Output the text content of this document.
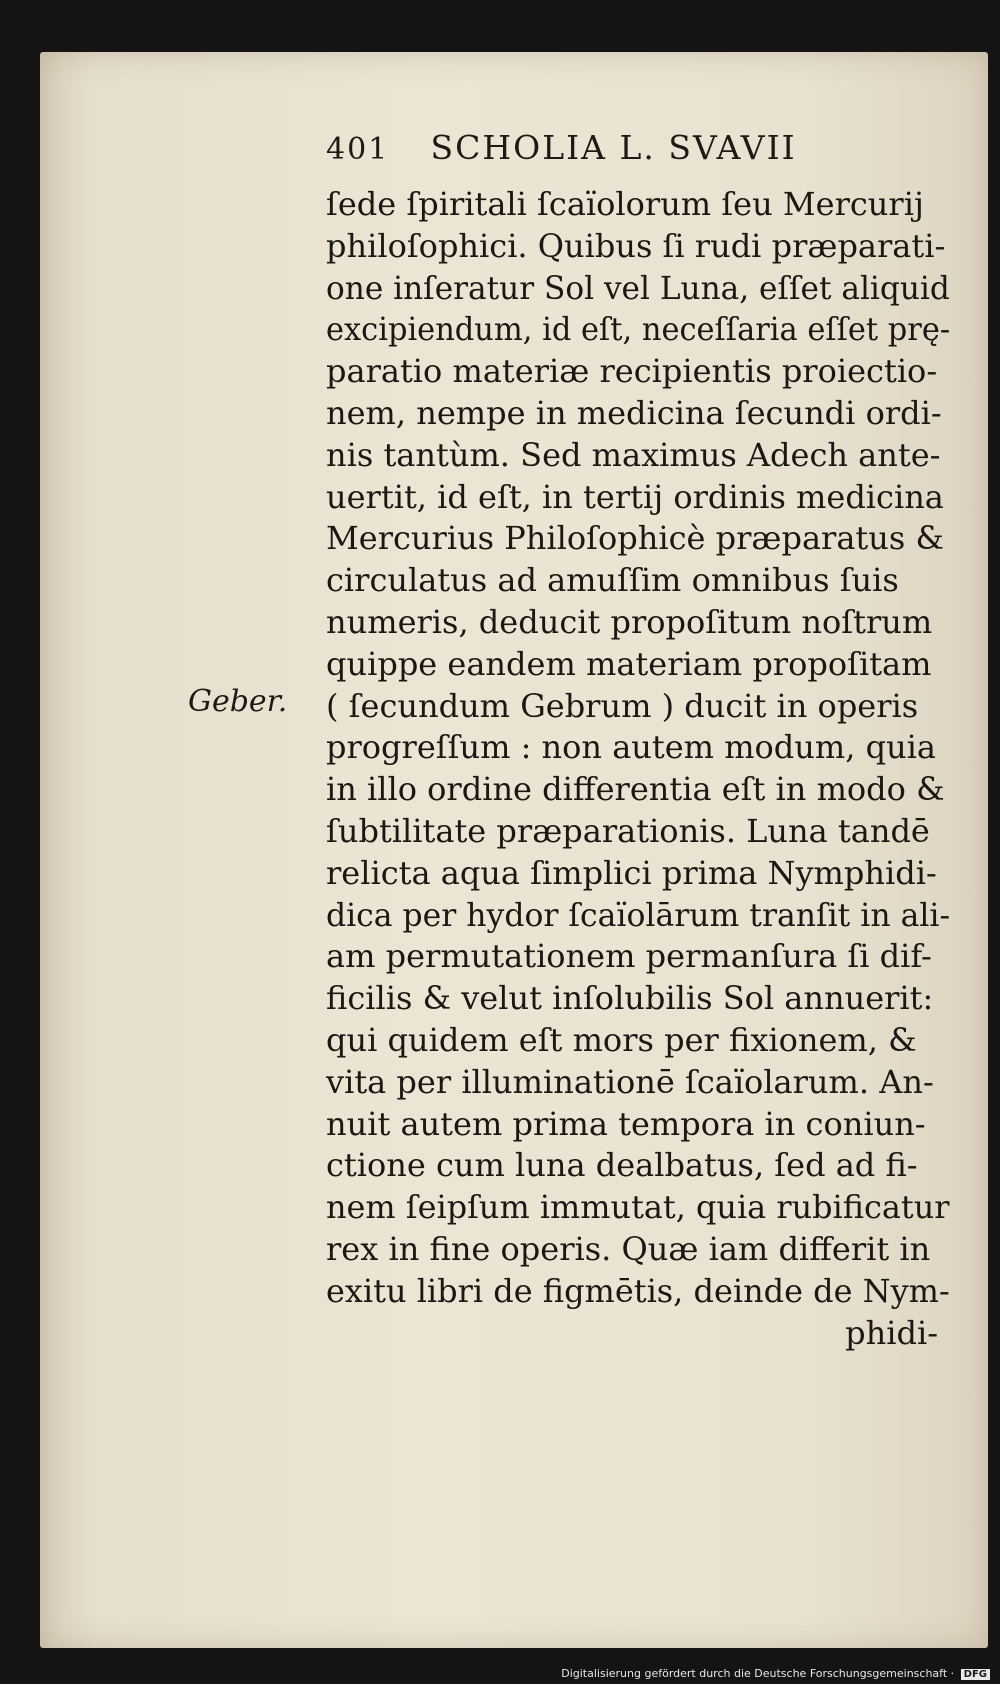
401 SCHOLIA L. SVAVII
Geber.
ſede ſpiritali ſcaïolorum ſeu Mercurij
philoſophici. Quibus ſi rudi præparati-
one inſeratur Sol vel Luna, eſſet aliquid
excipiendum, id eſt, neceſſaria eſſet prę-
paratio materiæ recipientis proiectio-
nem, nempe in medicina ſecundi ordi-
nis tantùm. Sed maximus Adech ante-
uertit, id eſt, in tertij ordinis medicina
Mercurius Philoſophicè præparatus &
circulatus ad amuſſim omnibus ſuis
numeris, deducit propoſitum noſtrum
quippe eandem materiam propoſitam
( ſecundum Gebrum ) ducit in operis
progreſſum : non autem modum, quia
in illo ordine differentia eſt in modo &
ſubtilitate præparationis. Luna tandē
relicta aqua ſimplici prima Nymphidi-
dica per hydor ſcaïolārum tranſit in ali-
am permutationem permanſura ſi dif-
ficilis & velut inſolubilis Sol annuerit:
qui quidem eſt mors per fixionem, &
vita per illuminationē ſcaïolarum. An-
nuit autem prima tempora in coniun-
ctione cum luna dealbatus, ſed ad fi-
nem ſeipſum immutat, quia rubificatur
rex in fine operis. Quæ iam differit in
exitu libri de figmētis, deinde de Nym-
phidi-
Digitalisierung gefördert durch die Deutsche Forschungsgemeinschaft · DFG
